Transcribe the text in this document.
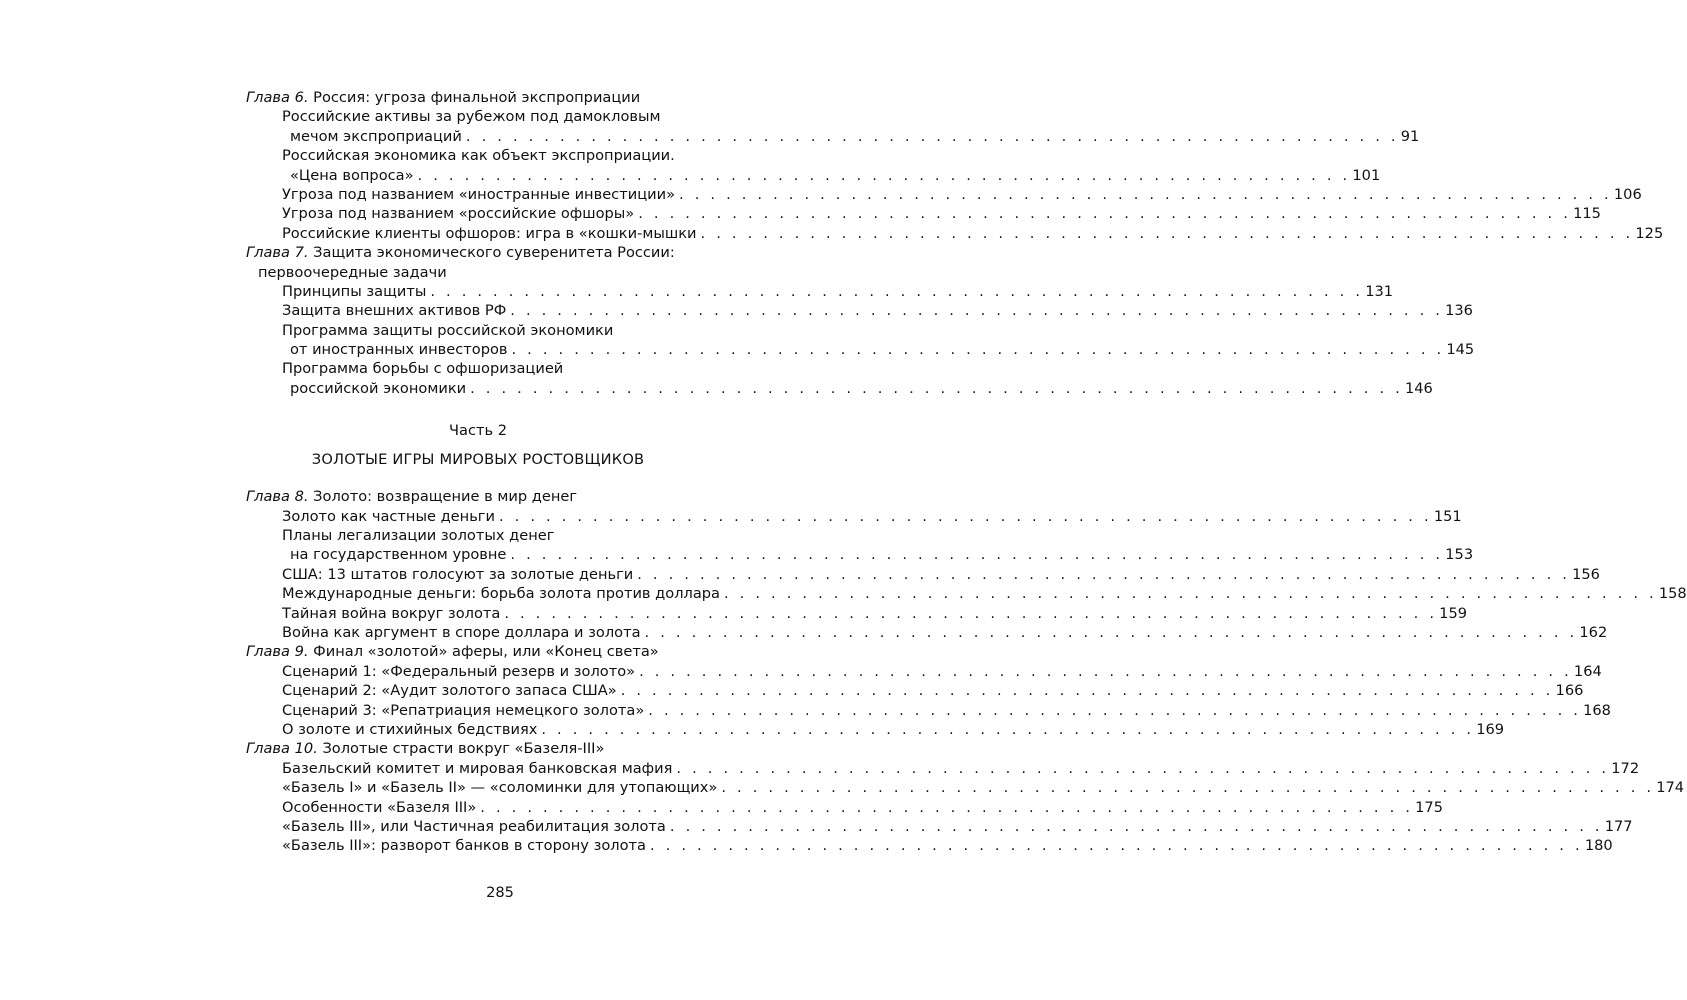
Глава 6. Россия: угроза финальной экспроприации
Российские активы за рубежом под дамокловым
мечом экспроприаций . . . . . . . . . . . . . . . . . . . . . . . . . . . . . . . . . . . . . . . . . . . . . . . . . . . . . . . . . . . . 91
Российская экономика как объект экспроприации.
«Цена вопроса» . . . . . . . . . . . . . . . . . . . . . . . . . . . . . . . . . . . . . . . . . . . . . . . . . . . . . . . . . . . . 101
Угроза под названием «иностранные инвестиции» . . . . . . . . . . . . . . . . . . . . . . . . . . . . . . . . . . . . . . . . . . . . . . . . . . . . . . . . . . . . 106
Угроза под названием «российские офшоры» . . . . . . . . . . . . . . . . . . . . . . . . . . . . . . . . . . . . . . . . . . . . . . . . . . . . . . . . . . . . 115
Российские клиенты офшоров: игра в «кошки-мышки . . . . . . . . . . . . . . . . . . . . . . . . . . . . . . . . . . . . . . . . . . . . . . . . . . . . . . . . . . . . 125
Глава 7. Защита экономического суверенитета России:
первоочередные задачи
Принципы защиты . . . . . . . . . . . . . . . . . . . . . . . . . . . . . . . . . . . . . . . . . . . . . . . . . . . . . . . . . . . . 131
Защита внешних активов РФ . . . . . . . . . . . . . . . . . . . . . . . . . . . . . . . . . . . . . . . . . . . . . . . . . . . . . . . . . . . . 136
Программа защиты российской экономики
от иностранных инвесторов . . . . . . . . . . . . . . . . . . . . . . . . . . . . . . . . . . . . . . . . . . . . . . . . . . . . . . . . . . . . 145
Программа борьбы с офшоризацией
российской экономики . . . . . . . . . . . . . . . . . . . . . . . . . . . . . . . . . . . . . . . . . . . . . . . . . . . . . . . . . . . . 146
Часть 2
ЗОЛОТЫЕ ИГРЫ МИРОВЫХ РОСТОВЩИКОВ
Глава 8. Золото: возвращение в мир денег
Золото как частные деньги . . . . . . . . . . . . . . . . . . . . . . . . . . . . . . . . . . . . . . . . . . . . . . . . . . . . . . . . . . . . 151
Планы легализации золотых денег
на государственном уровне . . . . . . . . . . . . . . . . . . . . . . . . . . . . . . . . . . . . . . . . . . . . . . . . . . . . . . . . . . . . 153
США: 13 штатов голосуют за золотые деньги . . . . . . . . . . . . . . . . . . . . . . . . . . . . . . . . . . . . . . . . . . . . . . . . . . . . . . . . . . . . 156
Международные деньги: борьба золота против доллара . . . . . . . . . . . . . . . . . . . . . . . . . . . . . . . . . . . . . . . . . . . . . . . . . . . . . . . . . . . . 158
Тайная война вокруг золота . . . . . . . . . . . . . . . . . . . . . . . . . . . . . . . . . . . . . . . . . . . . . . . . . . . . . . . . . . . . 159
Война как аргумент в споре доллара и золота . . . . . . . . . . . . . . . . . . . . . . . . . . . . . . . . . . . . . . . . . . . . . . . . . . . . . . . . . . . . 162
Глава 9. Финал «золотой» аферы, или «Конец света»
Сценарий 1: «Федеральный резерв и золото» . . . . . . . . . . . . . . . . . . . . . . . . . . . . . . . . . . . . . . . . . . . . . . . . . . . . . . . . . . . . 164
Сценарий 2: «Аудит золотого запаса США» . . . . . . . . . . . . . . . . . . . . . . . . . . . . . . . . . . . . . . . . . . . . . . . . . . . . . . . . . . . . 166
Сценарий 3: «Репатриация немецкого золота» . . . . . . . . . . . . . . . . . . . . . . . . . . . . . . . . . . . . . . . . . . . . . . . . . . . . . . . . . . . . 168
О золоте и стихийных бедствиях . . . . . . . . . . . . . . . . . . . . . . . . . . . . . . . . . . . . . . . . . . . . . . . . . . . . . . . . . . . . 169
Глава 10. Золотые страсти вокруг «Базеля-III»
Базельский комитет и мировая банковская мафия . . . . . . . . . . . . . . . . . . . . . . . . . . . . . . . . . . . . . . . . . . . . . . . . . . . . . . . . . . . . 172
«Базель I» и «Базель II» — «соломинки для утопающих» . . . . . . . . . . . . . . . . . . . . . . . . . . . . . . . . . . . . . . . . . . . . . . . . . . . . . . . . . . . . 174
Особенности «Базеля III» . . . . . . . . . . . . . . . . . . . . . . . . . . . . . . . . . . . . . . . . . . . . . . . . . . . . . . . . . . . . 175
«Базель III», или Частичная реабилитация золота . . . . . . . . . . . . . . . . . . . . . . . . . . . . . . . . . . . . . . . . . . . . . . . . . . . . . . . . . . . . 177
«Базель III»: разворот банков в сторону золота . . . . . . . . . . . . . . . . . . . . . . . . . . . . . . . . . . . . . . . . . . . . . . . . . . . . . . . . . . . . 180
285
